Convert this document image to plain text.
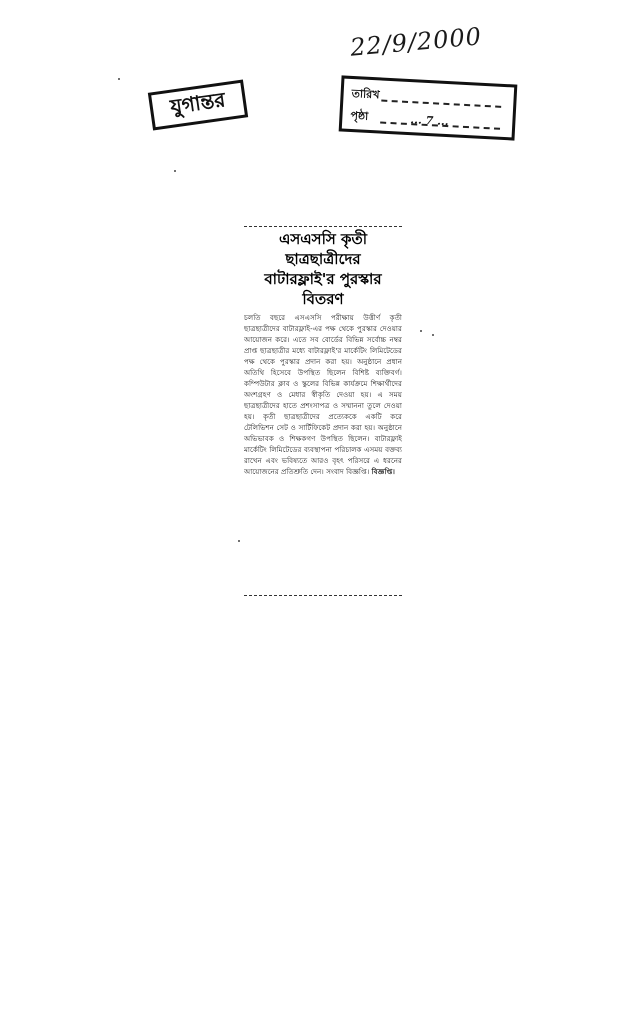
22/9/2000
যুগান্তর	তারিখ
পৃষ্ঠা	... 7 ...
এসএসসি কৃতী ছাত্রছাত্রীদের
বাটারফ্লাই'র পুরস্কার বিতরণ
চলতি বছরে এসএসসি পরীক্ষায় উত্তীর্ণ কৃতী ছাত্রছাত্রীদের বাটারফ্লাই-এর পক্ষ থেকে পুরস্কার দেওয়ার আয়োজন করে। এতে সব বোর্ডের বিভিন্ন সর্বোচ্চ নম্বর প্রাপ্ত ছাত্রছাত্রীর মধ্যে বাটারফ্লাই'র মার্কেটিং লিমিটেডের পক্ষ থেকে পুরস্কার প্রদান করা হয়। অনুষ্ঠানে প্রধান অতিথি হিসেবে উপস্থিত ছিলেন বিশিষ্ট ব্যক্তিবর্গ। কম্পিউটার ক্লাব ও স্কুলের বিভিন্ন কার্যক্রমে শিক্ষার্থীদের অংশগ্রহণ ও মেধার স্বীকৃতি দেওয়া হয়। এ সময় ছাত্রছাত্রীদের হাতে প্রশংসাপত্র ও সম্মাননা তুলে দেওয়া হয়। কৃতী ছাত্রছাত্রীদের প্রত্যেককে একটি করে টেলিভিশন সেট ও সার্টিফিকেট প্রদান করা হয়। অনুষ্ঠানে অভিভাবক ও শিক্ষকগণ উপস্থিত ছিলেন। বাটারফ্লাই মার্কেটিং লিমিটেডের ব্যবস্থাপনা পরিচালক এসময় বক্তব্য রাখেন এবং ভবিষ্যতে আরও বৃহৎ পরিসরে এ ধরনের আয়োজনের প্রতিশ্রুতি দেন। সংবাদ বিজ্ঞপ্তি। বিজ্ঞপ্তি।
